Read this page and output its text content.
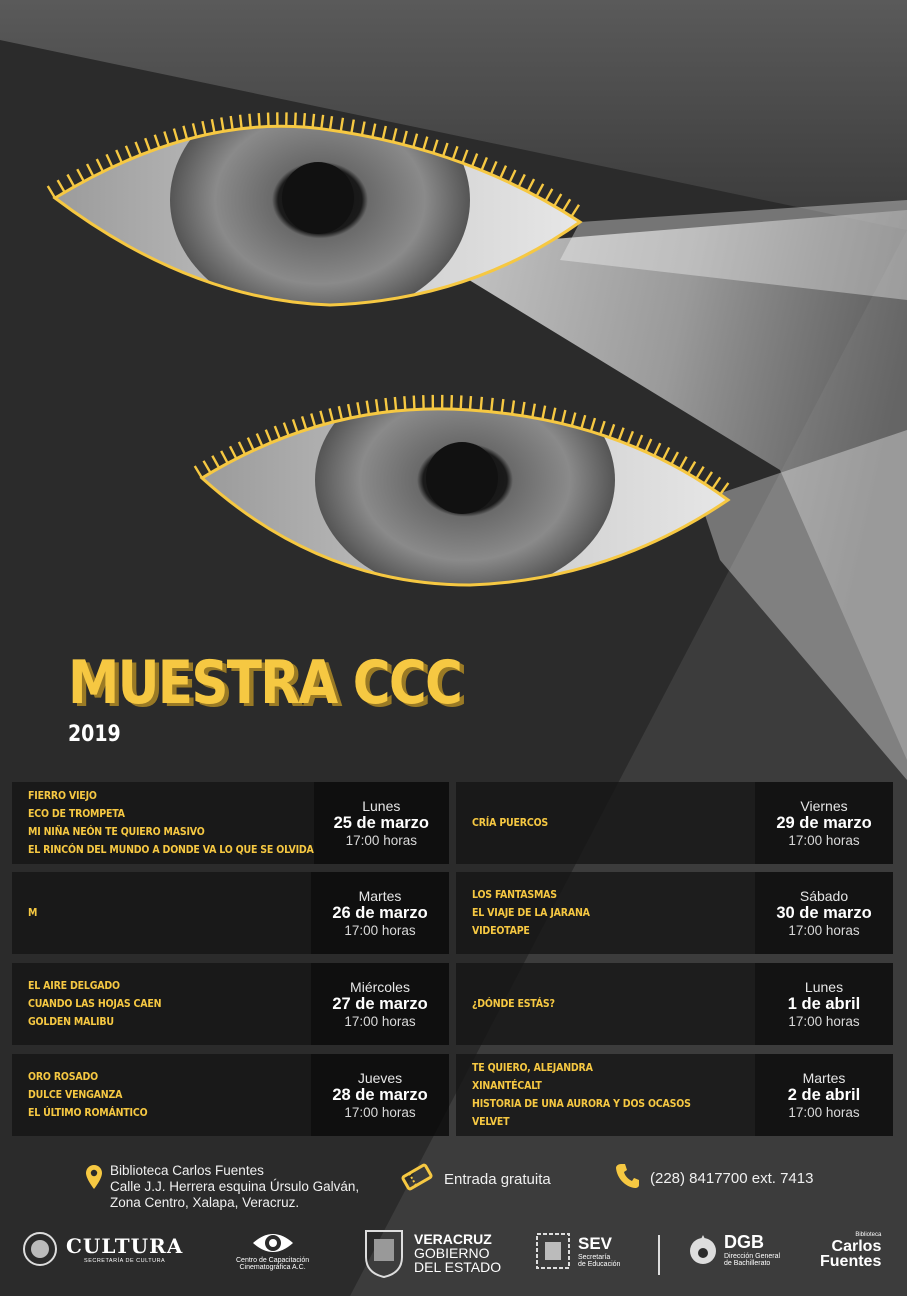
MUESTRA CCC
2019
FIERRO VIEJO
ECO DE TROMPETA
MI NIÑA NEÓN TE QUIERO MASIVO
EL RINCÓN DEL MUNDO A DONDE VA LO QUE SE OLVIDA
Lunes
25 de marzo
17:00 horas
CRÍA PUERCOS
Viernes
29 de marzo
17:00 horas
M
Martes
26 de marzo
17:00 horas
LOS FANTASMAS
EL VIAJE DE LA JARANA
VIDEOTAPE
Sábado
30 de marzo
17:00 horas
EL AIRE DELGADO
CUANDO LAS HOJAS CAEN
GOLDEN MALIBU
Miércoles
27 de marzo
17:00 horas
¿DÓNDE ESTÁS?
Lunes
1 de abril
17:00 horas
ORO ROSADO
DULCE VENGANZA
EL ÚLTIMO ROMÁNTICO
Jueves
28 de marzo
17:00 horas
TE QUIERO, ALEJANDRA
XINANTÉCALT
HISTORIA DE UNA AURORA Y DOS OCASOS
VELVET
Martes
2 de abril
17:00 horas
Biblioteca Carlos Fuentes
Calle J.J. Herrera esquina Úrsulo Galván,
Zona Centro, Xalapa, Veracruz.
Entrada gratuita	(228) 8417700 ext. 7413
CULTURA
SECRETARÍA DE CULTURA	Centro de Capacitación
Cinematográfica A.C.
VERACRUZ
GOBIERNO
DEL ESTADO
SEV
Secretaría
de Educación
DGB
Dirección General
de Bachillerato
Biblioteca
Carlos
Fuentes
